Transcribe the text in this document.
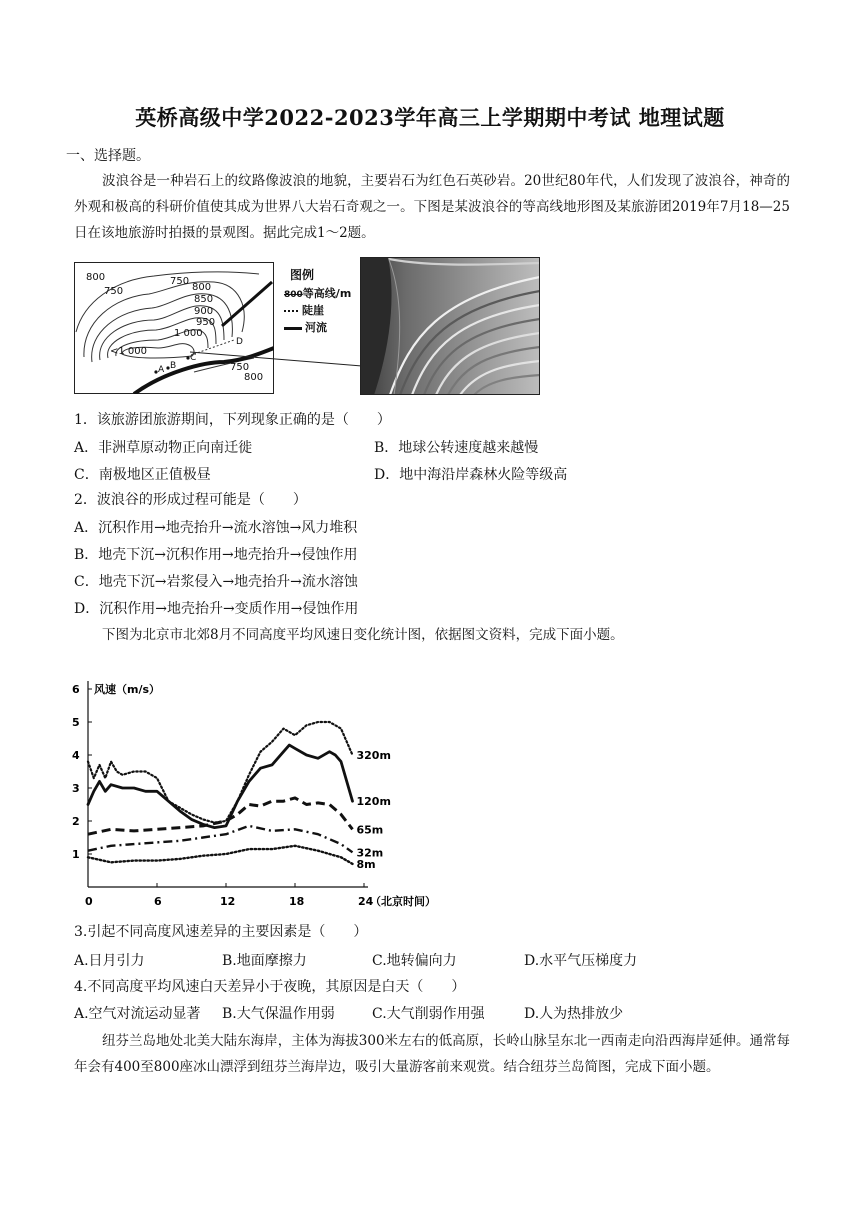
英桥高级中学2022-2023学年高三上学期期中考试 地理试题
一、选择题。
波浪谷是一种岩石上的纹路像波浪的地貌，主要岩石为红色石英砂岩。20世纪80年代，人们发现了波浪谷，神奇的外观和极高的科研价值使其成为世界八大岩石奇观之一。下图是某波浪谷的等高线地形图及某旅游团2019年7月18—25日在该地旅游时拍摄的景观图。据此完成1～2题。
800
750
750
800
850
900
950
1 000
<1 000
A B
C
D
750
800
图例
800等高线/m
陡崖
河流
1．该旅游团旅游期间，下列现象正确的是（　　）
A．非洲草原动物正向南迁徙	B．地球公转速度越来越慢
C．南极地区正值极昼	D．地中海沿岸森林火险等级高
2．波浪谷的形成过程可能是（　　）
A．沉积作用→地壳抬升→流水溶蚀→风力堆积
B．地壳下沉→沉积作用→地壳抬升→侵蚀作用
C．地壳下沉→岩浆侵入→地壳抬升→流水溶蚀
D．沉积作用→地壳抬升→变质作用→侵蚀作用
下图为北京市北郊8月不同高度平均风速日变化统计图，依据图文资料，完成下面小题。
1
2
3
4
5
6
0	6	12	18	24
风速（m/s）
（北京时间）
320m
120m
65m
32m
8m
3.引起不同高度风速差异的主要因素是（　　）
A.日月引力	B.地面摩擦力	C.地转偏向力	D.水平气压梯度力
4.不同高度平均风速白天差异小于夜晚，其原因是白天（　　）
A.空气对流运动显著 B.大气保温作用弱	C.大气削弱作用强	D.人为热排放少
纽芬兰岛地处北美大陆东海岸，主体为海拔300米左右的低高原，长岭山脉呈东北一西南走向沿西海岸延伸。通常每年会有400至800座冰山漂浮到纽芬兰海岸边，吸引大量游客前来观赏。结合纽芬兰岛简图，完成下面小题。
